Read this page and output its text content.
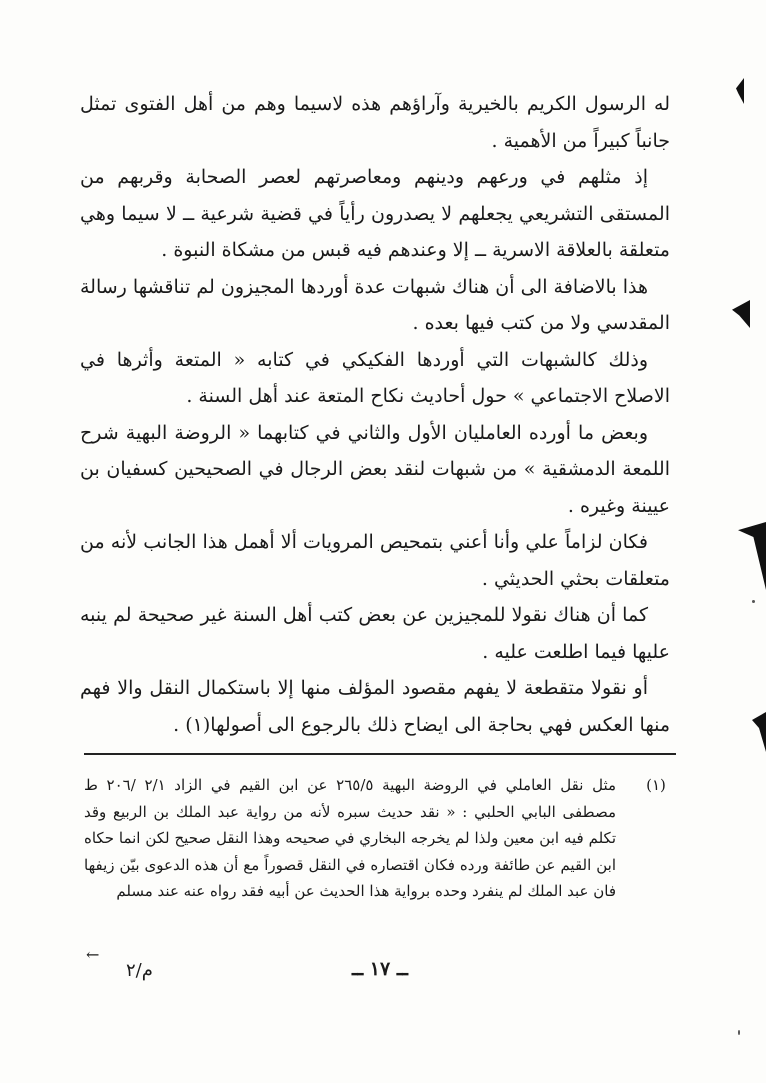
له الرسول الكريم بالخيرية وآراؤهم هذه لاسيما وهم من أهل الفتوى تمثل جانباً كبيراً من الأهمية .

إذ مثلهم في ورعهم ودينهم ومعاصرتهم لعصر الصحابة وقربهم من المستقى التشريعي يجعلهم لا يصدرون رأياً في قضية شرعية ــ لا سيما وهي متعلقة بالعلاقة الاسرية ــ إلا وعندهم فيه قبس من مشكاة النبوة .

هذا بالاضافة الى أن هناك شبهات عدة أوردها المجيزون لم تناقشها رسالة المقدسي ولا من كتب فيها بعده .

وذلك كالشبهات التي أوردها الفكيكي في كتابه « المتعة وأثرها في الاصلاح الاجتماعي » حول أحاديث نكاح المتعة عند أهل السنة .

وبعض ما أورده العامليان الأول والثاني في كتابهما « الروضة البهية شرح اللمعة الدمشقية » من شبهات لنقد بعض الرجال في الصحيحين كسفيان بن عيينة وغيره .

فكان لزاماً علي وأنا أعني بتمحيص المرويات ألا أهمل هذا الجانب لأنه من متعلقات بحثي الحديثي .

كما أن هناك نقولا للمجيزين عن بعض كتب أهل السنة غير صحيحة لم ينبه عليها فيما اطلعت عليه .

أو نقولا متقطعة لا يفهم مقصود المؤلف منها إلا باستكمال النقل والا فهم منها العكس فهي بحاجة الى ايضاح ذلك بالرجوع الى أصولها(١) .

(١)
مثل نقل العاملي في الروضة البهية ٢٦٥/٥ عن ابن القيم في الزاد ٢/١ /٢٠٦ ط مصطفى البابي الحلبي : « نقد حديث سبره لأنه من رواية عبد الملك بن الربيع وقد تكلم فيه ابن معين ولذا لم يخرجه البخاري في صحيحه وهذا النقل صحيح لكن انما حكاه ابن القيم عن طائفة ورده فكان اقتصاره في النقل قصوراً مع أن هذه الدعوى بيّن زيفها فان عبد الملك لم ينفرد وحده برواية هذا الحديث عن أبيه فقد رواه عنه عند مسلم
←
م/٢	ــ ١٧ ــ
